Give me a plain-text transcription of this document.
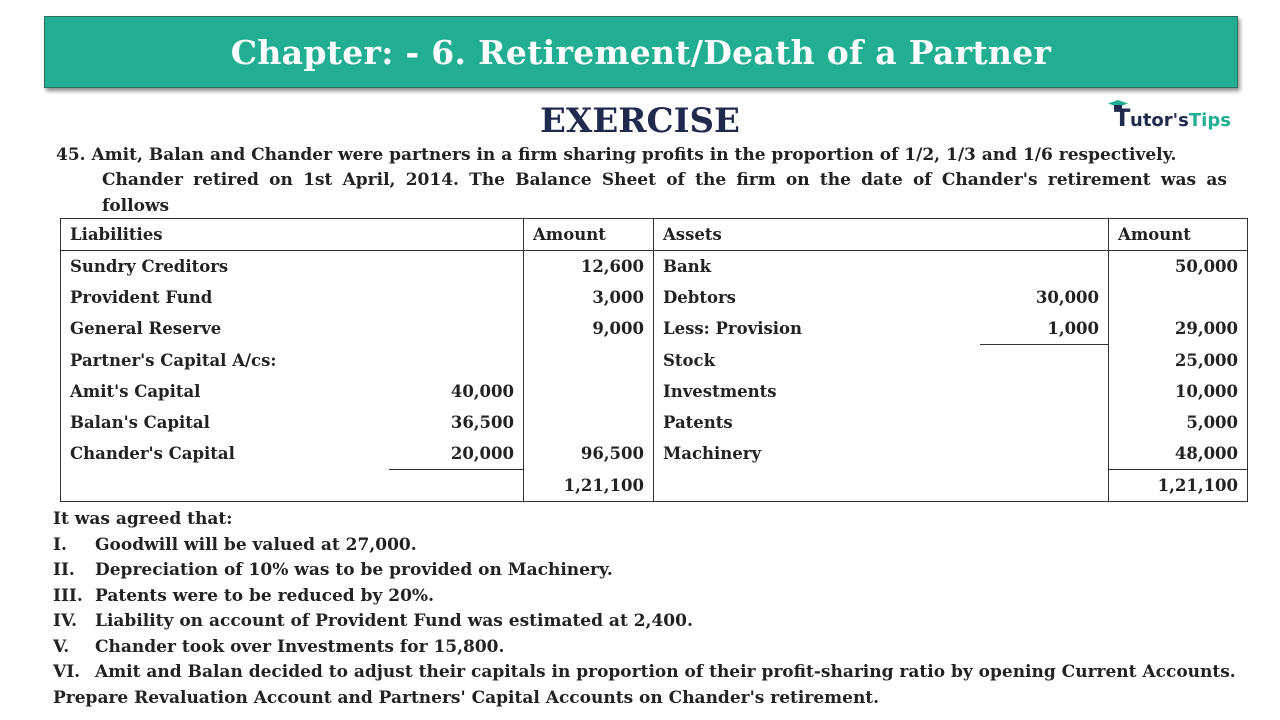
Chapter: - 6. Retirement/Death of a Partner
EXERCISE	T utor'sTips
45. Amit, Balan and Chander were partners in a firm sharing profits in the proportion of 1/2, 1/3 and 1/6 respectively.
Chander retired on 1st April, 2014. The Balance Sheet of the firm on the date of Chander's retirement was as
follows
Liabilities		Amount	Assets		Amount
Sundry Creditors		12,600	Bank		50,000
Provident Fund		3,000	Debtors	30,000	
General Reserve		9,000	Less: Provision	1,000	29,000
Partner's Capital A/cs:			Stock		25,000
Amit's Capital	40,000		Investments		10,000
Balan's Capital	36,500		Patents		5,000
Chander's Capital	20,000	96,500	Machinery		48,000
		1,21,100			1,21,100
It was agreed that:
I.	Goodwill will be valued at 27,000.
II.	Depreciation of 10% was to be provided on Machinery.
III. Patents were to be reduced by 20%.
IV.	Liability on account of Provident Fund was estimated at 2,400.
V.	Chander took over Investments for 15,800.
VI. Amit and Balan decided to adjust their capitals in proportion of their profit-sharing ratio by opening Current Accounts.
Prepare Revaluation Account and Partners' Capital Accounts on Chander's retirement.
